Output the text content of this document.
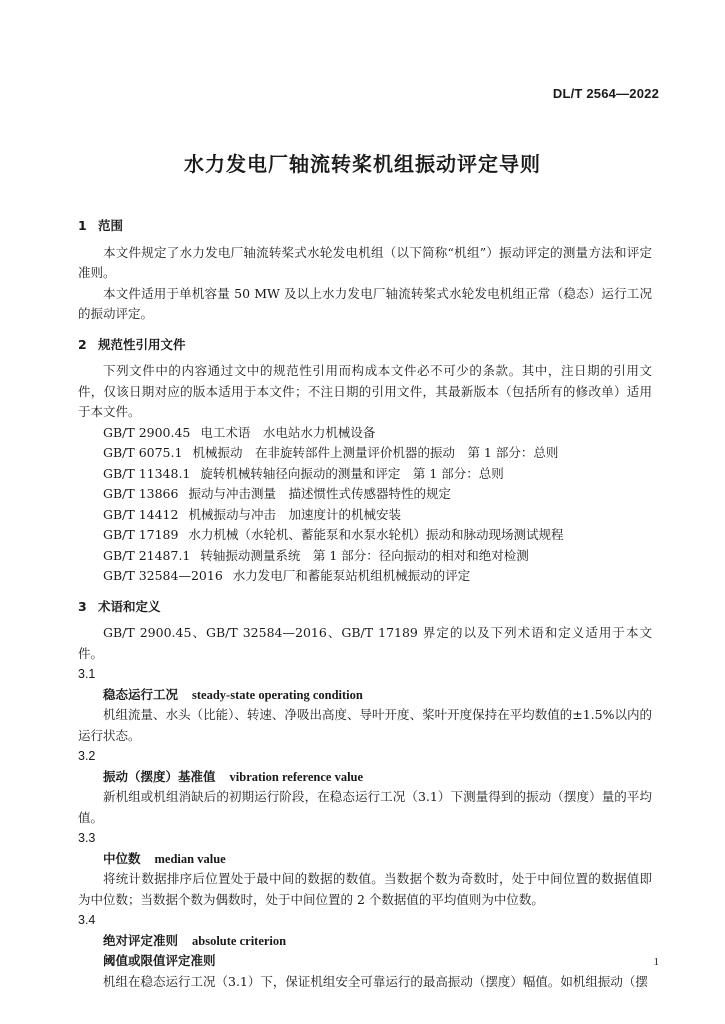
DL/T 2564—2022
水力发电厂轴流转桨机组振动评定导则
1 范围

本文件规定了水力发电厂轴流转桨式水轮发电机组（以下简称“机组”）振动评定的测量方法和评定准则。

本文件适用于单机容量 50 MW 及以上水力发电厂轴流转桨式水轮发电机组正常（稳态）运行工况的振动评定。

2 规范性引用文件

下列文件中的内容通过文中的规范性引用而构成本文件必不可少的条款。其中，注日期的引用文件，仅该日期对应的版本适用于本文件；不注日期的引用文件，其最新版本（包括所有的修改单）适用于本文件。

GB/T 2900.45 电工术语　水电站水力机械设备

GB/T 6075.1 机械振动　在非旋转部件上测量评价机器的振动　第 1 部分：总则

GB/T 11348.1 旋转机械转轴径向振动的测量和评定　第 1 部分：总则

GB/T 13866 振动与冲击测量　描述惯性式传感器特性的规定

GB/T 14412 机械振动与冲击　加速度计的机械安装

GB/T 17189 水力机械（水轮机、蓄能泵和水泵水轮机）振动和脉动现场测试规程

GB/T 21487.1 转轴振动测量系统　第 1 部分：径向振动的相对和绝对检测

GB/T 32584—2016 水力发电厂和蓄能泵站机组机械振动的评定

3 术语和定义

GB/T 2900.45、GB/T 32584—2016、GB/T 17189 界定的以及下列术语和定义适用于本文件。

3.1

稳态运行工况 steady-state operating condition

机组流量、水头（比能）、转速、净吸出高度、导叶开度、桨叶开度保持在平均数值的±1.5%以内的运行状态。

3.2

振动（摆度）基准值 vibration reference value

新机组或机组消缺后的初期运行阶段，在稳态运行工况（3.1）下测量得到的振动（摆度）量的平均值。

3.3

中位数 median value

将统计数据排序后位置处于最中间的数据的数值。当数据个数为奇数时，处于中间位置的数据值即为中位数；当数据个数为偶数时，处于中间位置的 2 个数据值的平均值则为中位数。

3.4

绝对评定准则 absolute criterion

阈值或限值评定准则

机组在稳态运行工况（3.1）下，保证机组安全可靠运行的最高振动（摆度）幅值。如机组振动（摆

1
